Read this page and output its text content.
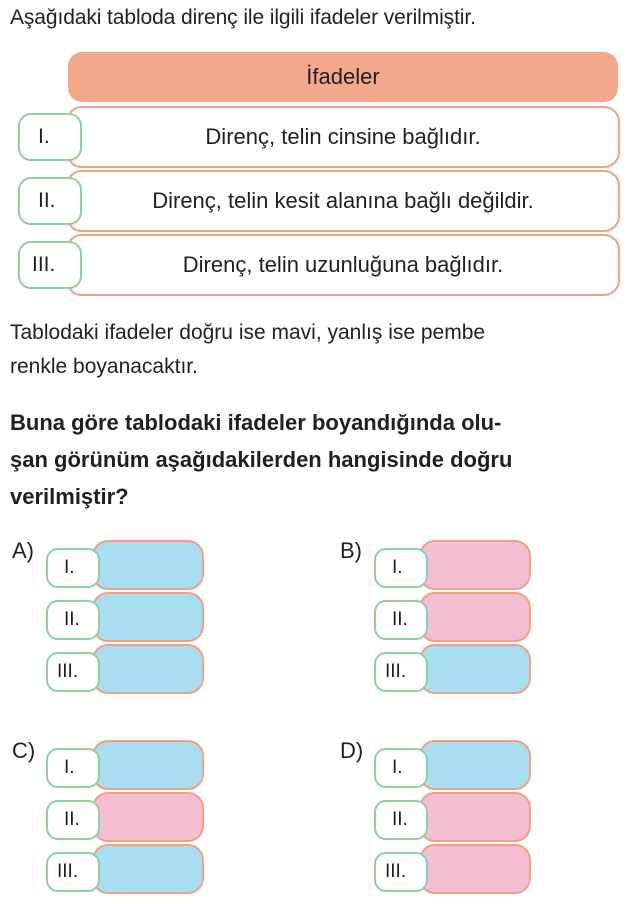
Aşağıdaki tabloda direnç ile ilgili ifadeler verilmiştir.
İfadeler
Direnç, telin cinsine bağlıdır.
I.
Direnç, telin kesit alanına bağlı değildir.
II.
Direnç, telin uzunluğuna bağlıdır.
III.
Tablodaki ifadeler doğru ise mavi, yanlış ise pembe
renkle boyanacaktır.
Buna göre tablodaki ifadeler boyandığında olu-
şan görünüm aşağıdakilerden hangisinde doğru
verilmiştir?
A)
I.
II.
III.
B)
I.
II.
III.
C)
I.
II.
III.
D)
I.
II.
III.
